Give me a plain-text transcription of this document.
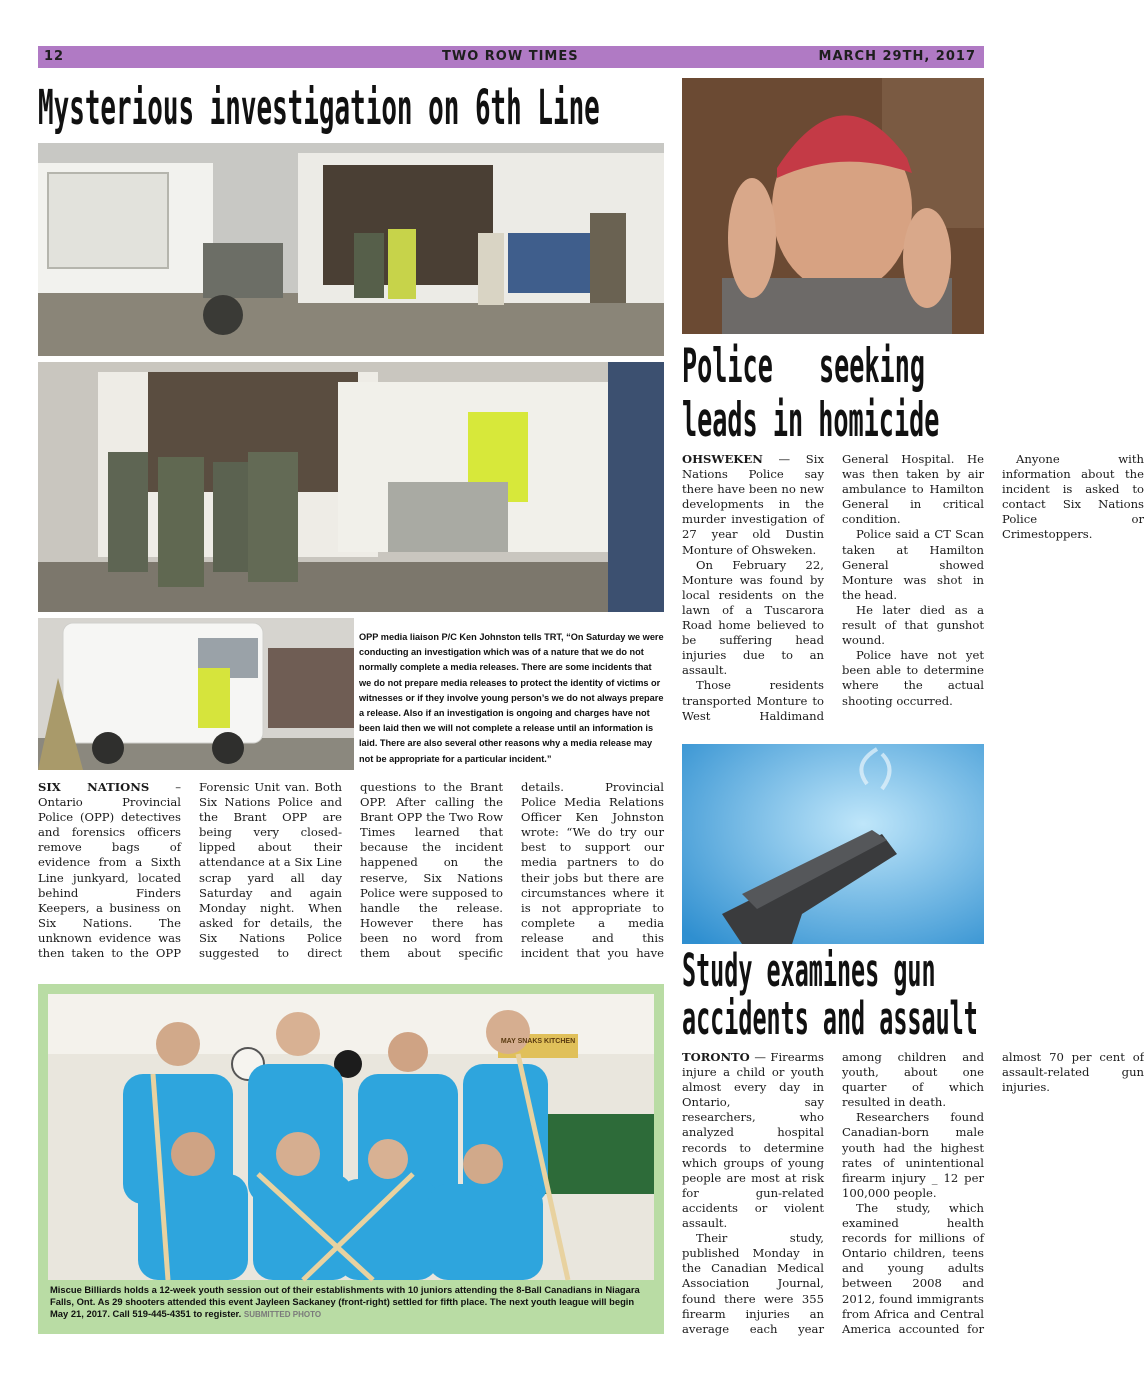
12	TWO ROW TIMES	MARCH 29TH, 2017
Mysterious investigation on 6th Line
OPP media liaison P/C Ken Johnston tells TRT, “On Saturday we were conducting an investigation which was of a nature that we do not normally complete a media releases. There are some incidents that we do not prepare media releases to protect the identity of victims or witnesses or if they involve young person’s we do not always prepare a release. Also if an investigation is ongoing and charges have not been laid then we will not complete a release until an information is laid. There are also several other reasons why a media release may not be appropriate for a particular incident.”

SIX NATIONS – Ontario Provincial Police (OPP) detectives and forensics officers remove bags of evidence from a Sixth Line junkyard, located behind Finders Keepers, a business on Six Nations. The unknown evidence was then taken to the OPP Forensic Unit van. Both Six Nations Police and the Brant OPP are being very closed-lipped about their attendance at a Six Line scrap yard all day Saturday and again Monday night. When asked for details, the Six Nations Police suggested to direct questions to the Brant OPP. After calling the Brant OPP the Two Row Times learned that because the incident happened on the reserve, Six Nations Police were supposed to handle the release. However there has been no word from them about specific details. Provincial Police Media Relations Officer Ken Johnston wrote: “We do try our best to support our media partners to do their jobs but there are circumstances where it is not appropriate to complete a media release and this incident that you have

Police seeking
leads in homicide

OHSWEKEN — Six Nations Police say there have been no new developments in the murder investigation of 27 year old Dustin Monture of Ohsweken.

On February 22, Monture was found by local residents on the lawn of a Tuscarora Road home believed to be suffering head injuries due to an assault.

Those residents transported Monture to West Haldimand General Hospital. He was then taken by air ambulance to Hamilton General in critical condition.

Police said a CT Scan taken at Hamilton General showed Monture was shot in the head.

He later died as a result of that gunshot wound.

Police have not yet been able to determine where the actual shooting occurred.

Anyone with information about the incident is asked to contact Six Nations Police or Crimestoppers.

Study examines gun
accidents and assault

TORONTO — Firearms injure a child or youth almost every day in Ontario, say researchers, who analyzed hospital records to determine which groups of young people are most at risk for gun-related accidents or violent assault.

Their study, published Monday in the Canadian Medical Association Journal, found there were 355 firearm injuries an average each year among children and youth, about one quarter of which resulted in death.

Researchers found Canadian-born male youth had the highest rates of unintentional firearm injury _ 12 per 100,000 people.

The study, which examined health records for millions of Ontario children, teens and young adults between 2008 and 2012, found immigrants from Africa and Central America accounted for almost 70 per cent of assault-related gun injuries.

MAY SNAKS KITCHEN
Miscue Billiards holds a 12-week youth session out of their establishments with 10 juniors attending the 8-Ball Canadians in Niagara Falls, Ont. As 29 shooters attended this event Jayleen Sackaney (front-right) settled for fifth place. The next youth league will begin May 21, 2017. Call 519-445-4351 to register. SUBMITTED PHOTO
